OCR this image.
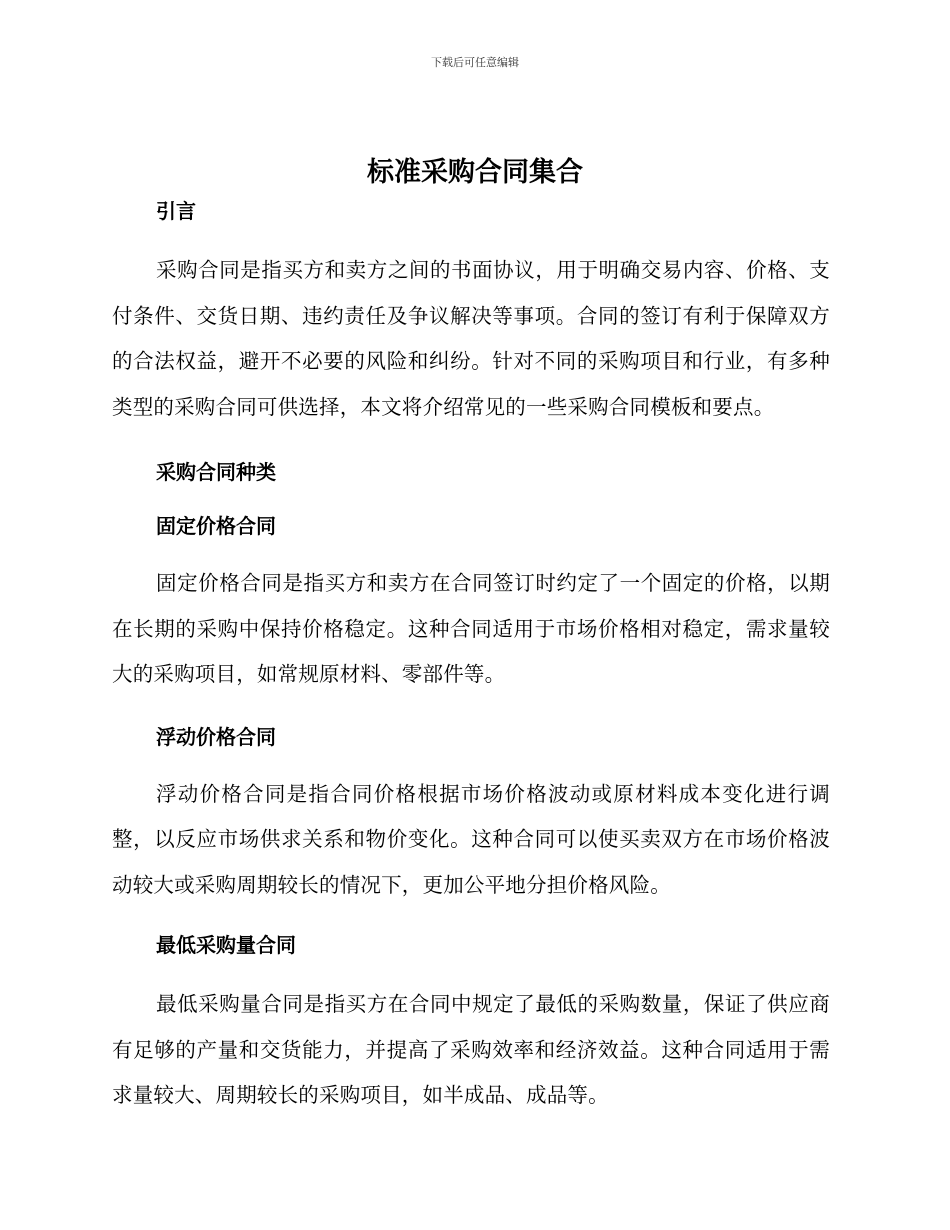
下载后可任意编辑
标准采购合同集合

引言

采购合同是指买方和卖方之间的书面协议，用于明确交易内容、价格、支付条件、交货日期、违约责任及争议解决等事项。合同的签订有利于保障双方的合法权益，避开不必要的风险和纠纷。针对不同的采购项目和行业，有多种类型的采购合同可供选择，本文将介绍常见的一些采购合同模板和要点。

采购合同种类

固定价格合同

固定价格合同是指买方和卖方在合同签订时约定了一个固定的价格，以期在长期的采购中保持价格稳定。这种合同适用于市场价格相对稳定，需求量较大的采购项目，如常规原材料、零部件等。

浮动价格合同

浮动价格合同是指合同价格根据市场价格波动或原材料成本变化进行调整，以反应市场供求关系和物价变化。这种合同可以使买卖双方在市场价格波动较大或采购周期较长的情况下，更加公平地分担价格风险。

最低采购量合同

最低采购量合同是指买方在合同中规定了最低的采购数量，保证了供应商有足够的产量和交货能力，并提高了采购效率和经济效益。这种合同适用于需求量较大、周期较长的采购项目，如半成品、成品等。
